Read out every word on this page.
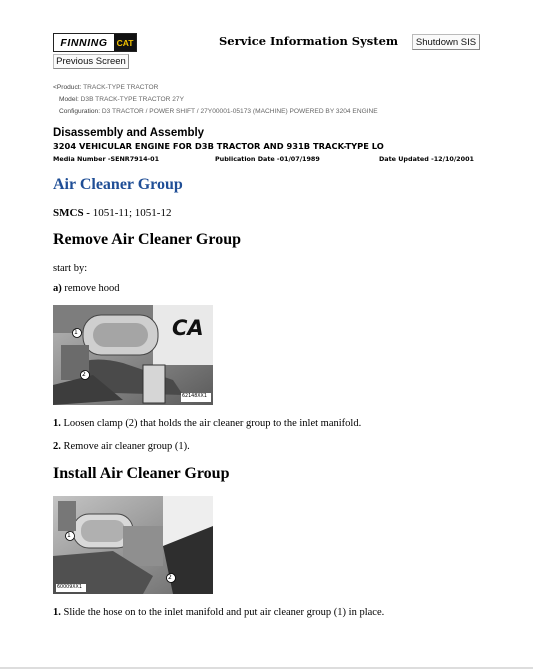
FINNING	CAT	Service Information System	Shutdown SIS
Previous Screen
<Product: TRACK-TYPE TRACTOR
Model: D3B TRACK-TYPE TRACTOR 27Y
Configuration: D3 TRACTOR / POWER SHIFT / 27Y00001-05173 (MACHINE) POWERED BY 3204 ENGINE
Disassembly and Assembly
3204 VEHICULAR ENGINE FOR D3B TRACTOR AND 931B TRACK-TYPE LO
Media Number -SENR7914-01	Publication Date -01/07/1989	Date Updated -12/10/2001
Air Cleaner Group
SMCS - 1051-11; 1051-12
Remove Air Cleaner Group
start by:
a) remove hood
1
2
CA
62148XX1
1. Loosen clamp (2) that holds the air cleaner group to the inlet manifold.
2. Remove air cleaner group (1).
Install Air Cleaner Group
1
2
60009XX1
1. Slide the hose on to the inlet manifold and put air cleaner group (1) in place.
